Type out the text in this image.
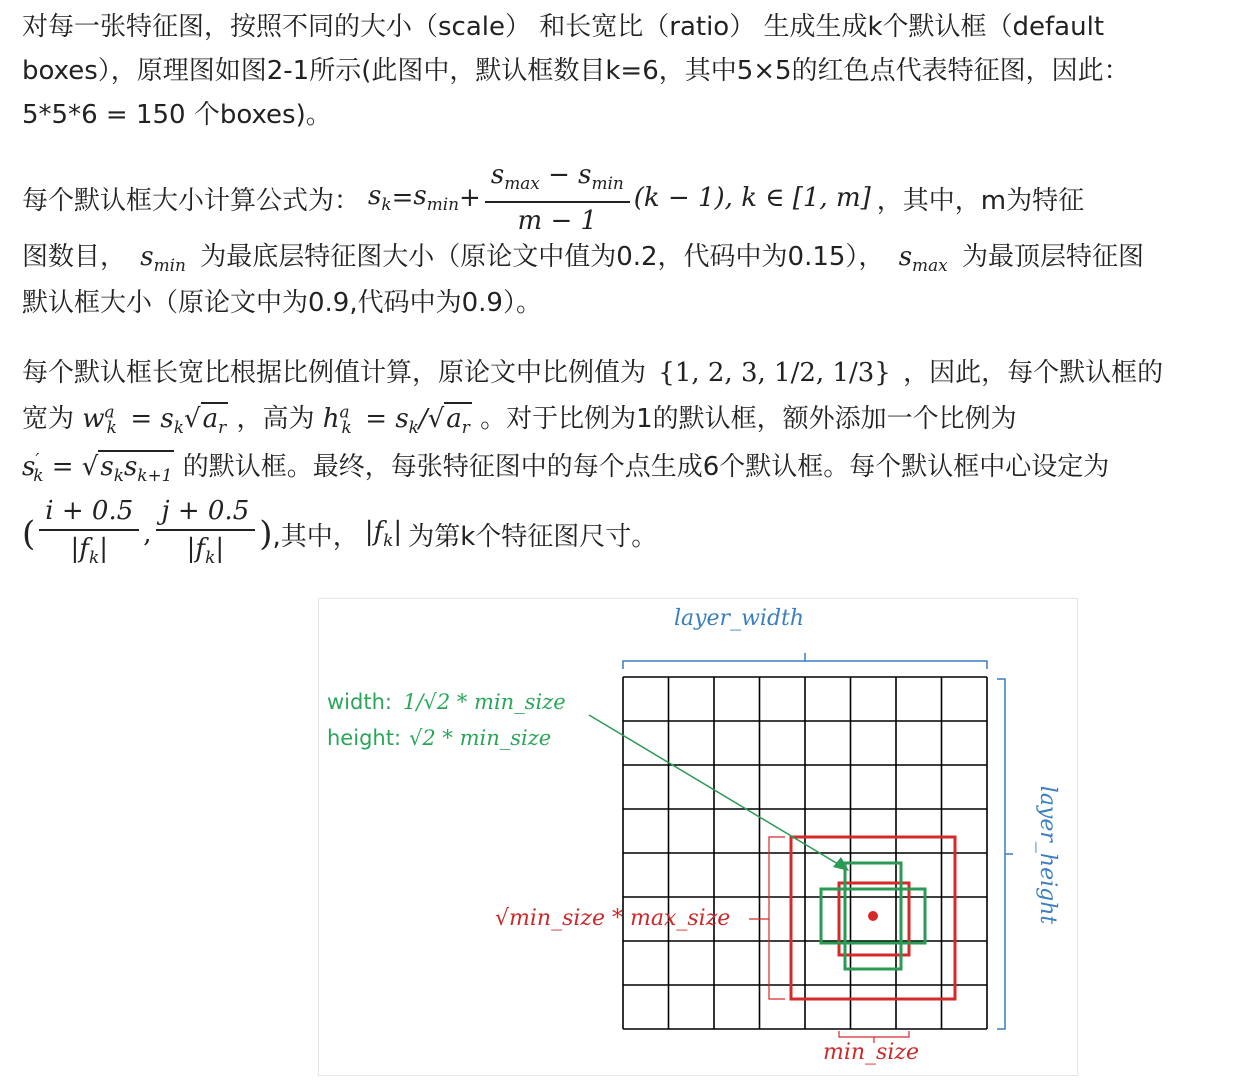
对每一张特征图，按照不同的大小（scale） 和长宽比（ratio） 生成生成k个默认框（default
boxes），原理图如图2-1所示(此图中，默认框数目k=6，其中5×5的红色点代表特征图，因此：
5*5*6 = 150 个boxes)。
每个默认框大小计算公式为： $s_k = s_{min} + \frac{s_{max} - s_{min}}{m - 1} (k - 1)$, k ∈ [1, m] ，其中，m为特征
图数目， $s_{min}$ 为最底层特征图大小（原论文中值为0.2，代码中为0.15）， $s_{max}$ 为最顶层特征图
默认框大小（原论文中为0.9,代码中为0.9）。
每个默认框长宽比根据比例值计算，原论文中比例值为 {1, 2, 3, 1/2, 1/3} ，因此，每个默认框的
宽为 $w^a_k = s_k√a_r$ ，高为 $h^a_k = s_k/√a_r$ 。对于比例为1的默认框，额外添加一个比例为
$s'_k = √s_ks_{k+1}$ 的默认框。最终，每张特征图中的每个点生成6个默认框。每个默认框中心设定为
( $\frac{i + 0.5}{|f_k|}$ , $\frac{j + 0.5}{|f_k|}$ ) ,其中， $|f_k|$ 为第k个特征图尺寸。
layer_width
layer_height
√min_size * max_size
min_size
width: 1/√2 * min_size
height: √2 * min_size
